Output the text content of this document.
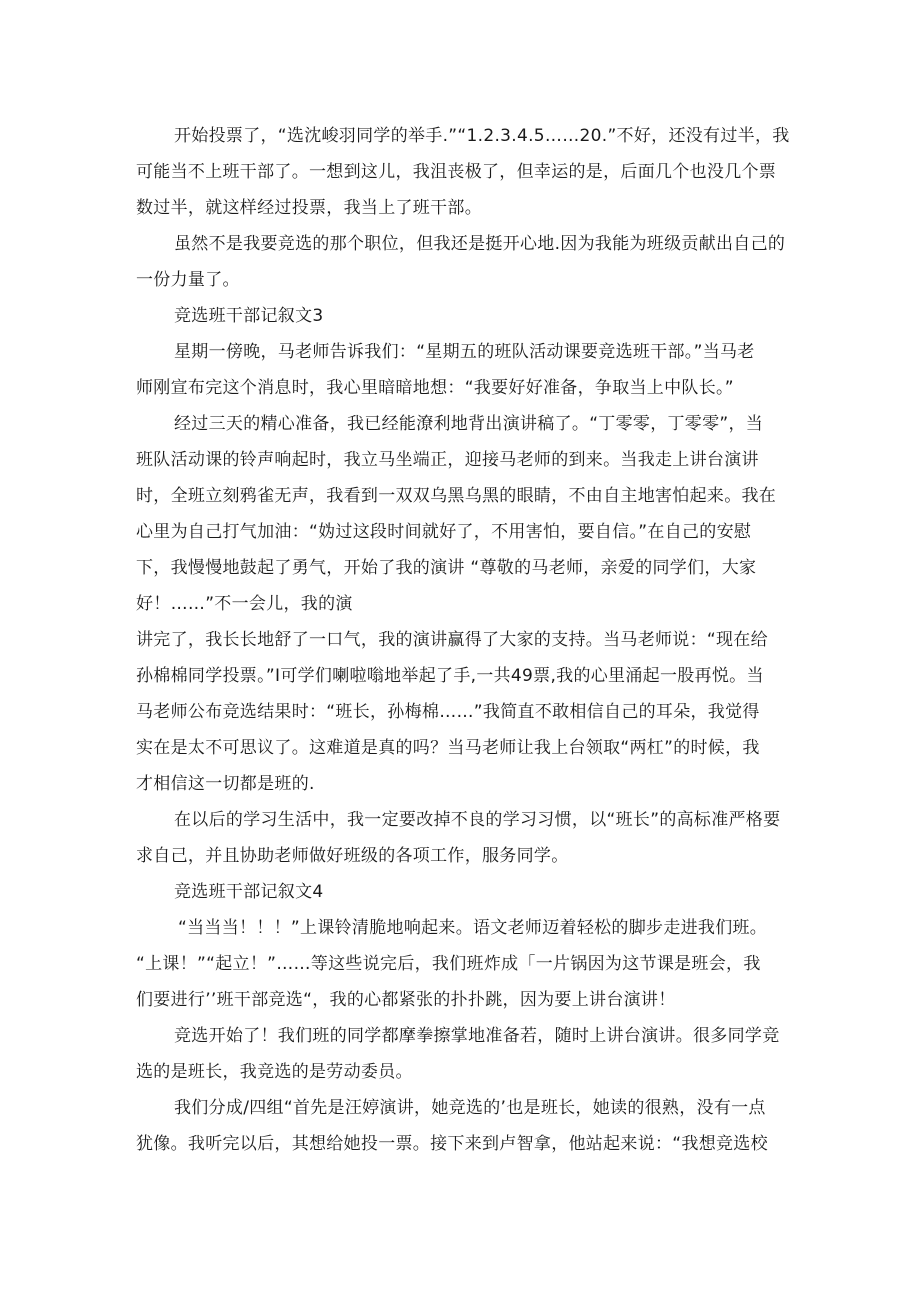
开始投票了，“选沈峻羽同学的举手.”“1.2.3.4.5……20.”不好，还没有过半，我

可能当不上班干部了。一想到这儿，我沮丧极了，但幸运的是，后面几个也没几个票

数过半，就这样经过投票，我当上了班干部。

虽然不是我要竞选的那个职位，但我还是挺开心地.因为我能为班级贡献出自己的

一份力量了。

竞选班干部记叙文3

星期一傍晚，马老师告诉我们：“星期五的班队活动课要竞选班干部。”当马老

师刚宣布完这个消息时，我心里暗暗地想：“我要好好准备，争取当上中队长。”

经过三天的精心准备，我已经能潦利地背出演讲稿了。“丁零零，丁零零”，当

班队活动课的铃声响起时，我立马坐端正，迎接马老师的到来。当我走上讲台演讲

时，全班立刻鸦雀无声，我看到一双双乌黑乌黑的眼睛，不由自主地害怕起来。我在

心里为自己打气加油：“妫过这段时间就好了，不用害怕，要自信。”在自己的安慰

下，我慢慢地鼓起了勇气，开始了我的演讲 “尊敬的马老师，亲爱的同学们，大家

好！……”不一会儿，我的演

讲完了，我长长地舒了一口气，我的演讲赢得了大家的支持。当马老师说：“现在给

孙棉棉同学投票。”I可学们喇啦嗡地举起了手,一共49票,我的心里涌起一股再悦。当

马老师公布竞选结果时：“班长，孙梅棉……”我简直不敢相信自己的耳朵，我觉得

实在是太不可思议了。这难道是真的吗？当马老师让我上台领取“两杠”的时候，我

才相信这一切都是班的.

在以后的学习生活中，我一定要改掉不良的学习习惯，以“班长”的高标准严格要

求自己，并且协助老师做好班级的各项工作，服务同学。

竞选班干部记叙文4

“当当当！！！”上课铃清脆地响起来。语文老师迈着轻松的脚步走进我们班。

“上课！”“起立！”……等这些说完后，我们班炸成「一片锅因为这节课是班会，我

们要进行’’班干部竞选“，我的心都紧张的扑扑跳，因为要上讲台演讲！

竞选开始了！我们班的同学都摩拳擦掌地准备若，随时上讲台演讲。很多同学竞

选的是班长，我竞选的是劳动委员。

我们分成/四组“首先是汪婷演讲，她竞选的’也是班长，她读的很熟，没有一点

犹像。我听完以后，其想给她投一票。接下来到卢智拿，他站起来说：“我想竞选校
